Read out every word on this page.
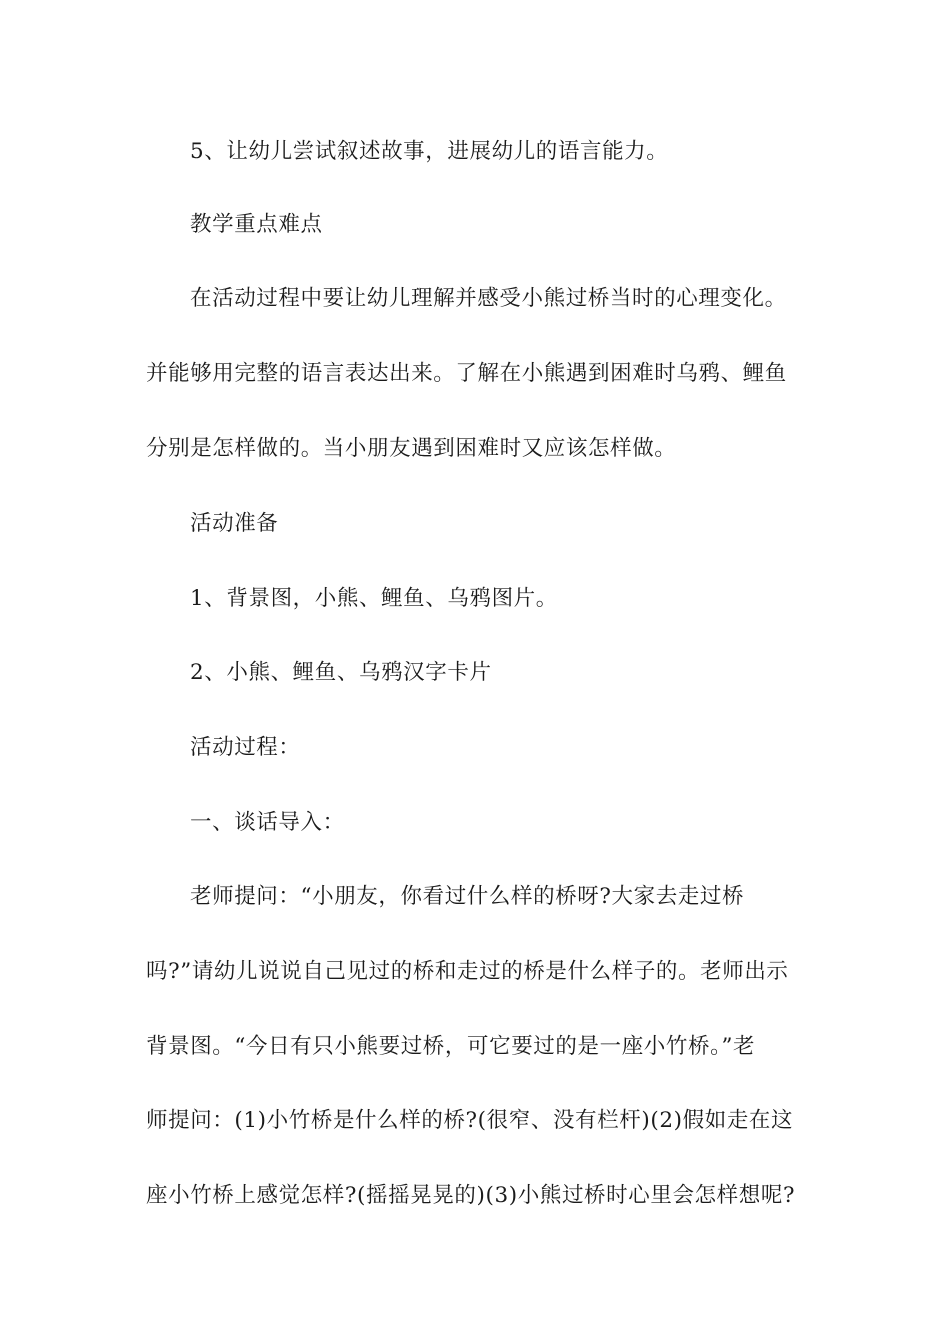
5、让幼儿尝试叙述故事，进展幼儿的语言能力。
教学重点难点
在活动过程中要让幼儿理解并感受小熊过桥当时的心理变化。
并能够用完整的语言表达出来。了解在小熊遇到困难时乌鸦、鲤鱼
分别是怎样做的。当小朋友遇到困难时又应该怎样做。
活动准备
1、背景图，小熊、鲤鱼、乌鸦图片。
2、小熊、鲤鱼、乌鸦汉字卡片
活动过程：
一、谈话导入：
老师提问：“小朋友，你看过什么样的桥呀?大家去走过桥
吗?”请幼儿说说自己见过的桥和走过的桥是什么样子的。老师出示
背景图。“今日有只小熊要过桥，可它要过的是一座小竹桥。”老
师提问：(1)小竹桥是什么样的桥?(很窄、没有栏杆)(2)假如走在这
座小竹桥上感觉怎样?(摇摇晃晃的)(3)小熊过桥时心里会怎样想呢?
